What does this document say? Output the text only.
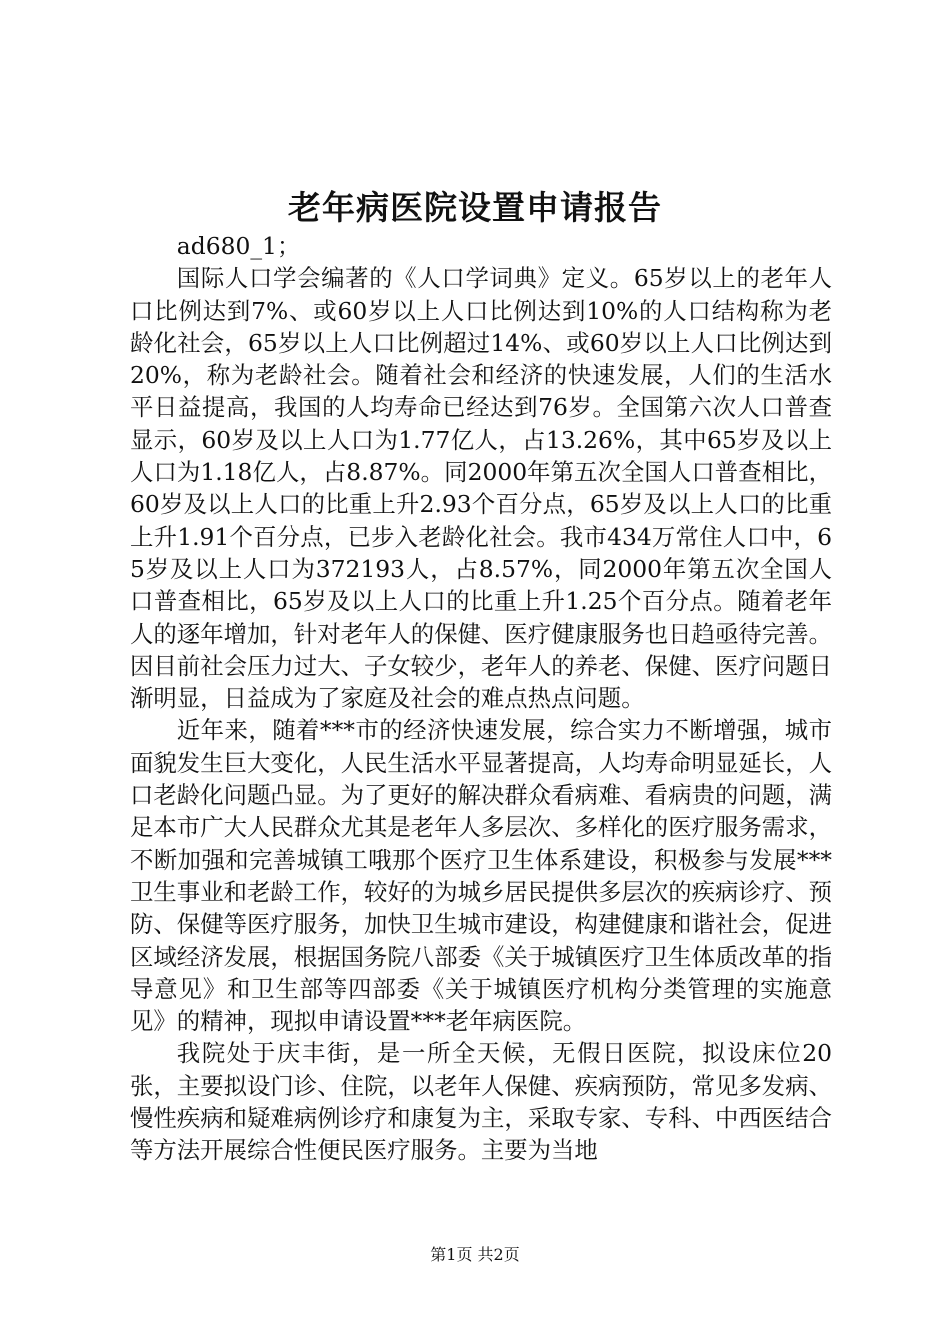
老年病医院设置申请报告

ad680_1；

国际人口学会编著的《人口学词典》定义。65岁以上的老年人口比例达到7%、或60岁以上人口比例达到10%的人口结构称为老龄化社会，65岁以上人口比例超过14%、或60岁以上人口比例达到20%，称为老龄社会。随着社会和经济的快速发展，人们的生活水平日益提高，我国的人均寿命已经达到76岁。全国第六次人口普查显示，60岁及以上人口为1.77亿人，占13.26%，其中65岁及以上人口为1.18亿人，占8.87%。同2000年第五次全国人口普查相比，60岁及以上人口的比重上升2.93个百分点，65岁及以上人口的比重上升1.91个百分点，已步入老龄化社会。我市434万常住人口中，65岁及以上人口为372193人，占8.57%，同2000年第五次全国人口普查相比，65岁及以上人口的比重上升1.25个百分点。随着老年人的逐年增加，针对老年人的保健、医疗健康服务也日趋亟待完善。因目前社会压力过大、子女较少，老年人的养老、保健、医疗问题日渐明显，日益成为了家庭及社会的难点热点问题。

近年来，随着***市的经济快速发展，综合实力不断增强，城市面貌发生巨大变化，人民生活水平显著提高，人均寿命明显延长，人口老龄化问题凸显。为了更好的解决群众看病难、看病贵的问题，满足本市广大人民群众尤其是老年人多层次、多样化的医疗服务需求，不断加强和完善城镇工哦那个医疗卫生体系建设，积极参与发展***卫生事业和老龄工作，较好的为城乡居民提供多层次的疾病诊疗、预防、保健等医疗服务，加快卫生城市建设，构建健康和谐社会，促进区域经济发展，根据国务院八部委《关于城镇医疗卫生体质改革的指导意见》和卫生部等四部委《关于城镇医疗机构分类管理的实施意见》的精神，现拟申请设置***老年病医院。

我院处于庆丰街，是一所全天候，无假日医院，拟设床位20张，主要拟设门诊、住院，以老年人保健、疾病预防，常见多发病、慢性疾病和疑难病例诊疗和康复为主，采取专家、专科、中西医结合等方法开展综合性便民医疗服务。主要为当地

第1页 共2页
